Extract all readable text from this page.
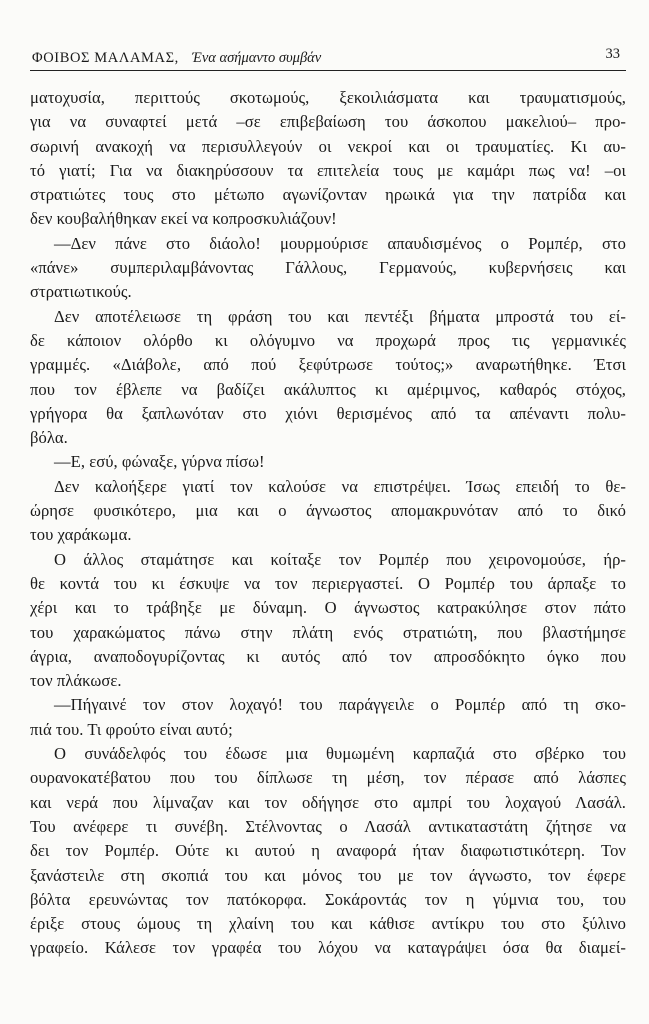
ΦΟΙΒΟΣ ΜΑΛΑΜΑΣ, Ένα ασήμαντο συμβάν	33
ματοχυσία, περιττούς σκοτωμούς, ξεκοιλιάσματα και τραυματισμούς,
για να συναφτεί μετά –σε επιβεβαίωση του άσκοπου μακελιού– προ-
σωρινή ανακοχή να περισυλλεγούν οι νεκροί και οι τραυματίες. Κι αυ-
τό γιατί; Για να διακηρύσσουν τα επιτελεία τους με καμάρι πως να! –οι
στρατιώτες τους στο μέτωπο αγωνίζονταν ηρωικά για την πατρίδα και
δεν κουβαλήθηκαν εκεί να κοπροσκυλιάζουν!
—Δεν πάνε στο διάολο! μουρμούρισε απαυδισμένος ο Ρομπέρ, στο
«πάνε» συμπεριλαμβάνοντας Γάλλους, Γερμανούς, κυβερνήσεις και
στρατιωτικούς.
Δεν αποτέλειωσε τη φράση του και πεντέξι βήματα μπροστά του εί-
δε κάποιον ολόρθο κι ολόγυμνο να προχωρά προς τις γερμανικές
γραμμές. «Διάβολε, από πού ξεφύτρωσε τούτος;» αναρωτήθηκε. Έτσι
που τον έβλεπε να βαδίζει ακάλυπτος κι αμέριμνος, καθαρός στόχος,
γρήγορα θα ξαπλωνόταν στο χιόνι θερισμένος από τα απέναντι πολυ-
βόλα.
—Ε, εσύ, φώναξε, γύρνα πίσω!
Δεν καλοήξερε γιατί τον καλούσε να επιστρέψει. Ίσως επειδή το θε-
ώρησε φυσικότερο, μια και ο άγνωστος απομακρυνόταν από το δικό
του χαράκωμα.
Ο άλλος σταμάτησε και κοίταξε τον Ρομπέρ που χειρονομούσε, ήρ-
θε κοντά του κι έσκυψε να τον περιεργαστεί. Ο Ρομπέρ του άρπαξε το
χέρι και το τράβηξε με δύναμη. Ο άγνωστος κατρακύλησε στον πάτο
του χαρακώματος πάνω στην πλάτη ενός στρατιώτη, που βλαστήμησε
άγρια, αναποδογυρίζοντας κι αυτός από τον απροσδόκητο όγκο που
τον πλάκωσε.
—Πήγαινέ τον στον λοχαγό! του παράγγειλε ο Ρομπέρ από τη σκο-
πιά του. Τι φρούτο είναι αυτό;
Ο συνάδελφός του έδωσε μια θυμωμένη καρπαζιά στο σβέρκο του
ουρανοκατέβατου που του δίπλωσε τη μέση, τον πέρασε από λάσπες
και νερά που λίμναζαν και τον οδήγησε στο αμπρί του λοχαγού Λασάλ.
Του ανέφερε τι συνέβη. Στέλνοντας ο Λασάλ αντικαταστάτη ζήτησε να
δει τον Ρομπέρ. Ούτε κι αυτού η αναφορά ήταν διαφωτιστικότερη. Τον
ξανάστειλε στη σκοπιά του και μόνος του με τον άγνωστο, τον έφερε
βόλτα ερευνώντας τον πατόκορφα. Σοκάροντάς τον η γύμνια του, του
έριξε στους ώμους τη χλαίνη του και κάθισε αντίκρυ του στο ξύλινο
γραφείο. Κάλεσε τον γραφέα του λόχου να καταγράψει όσα θα διαμεί-
